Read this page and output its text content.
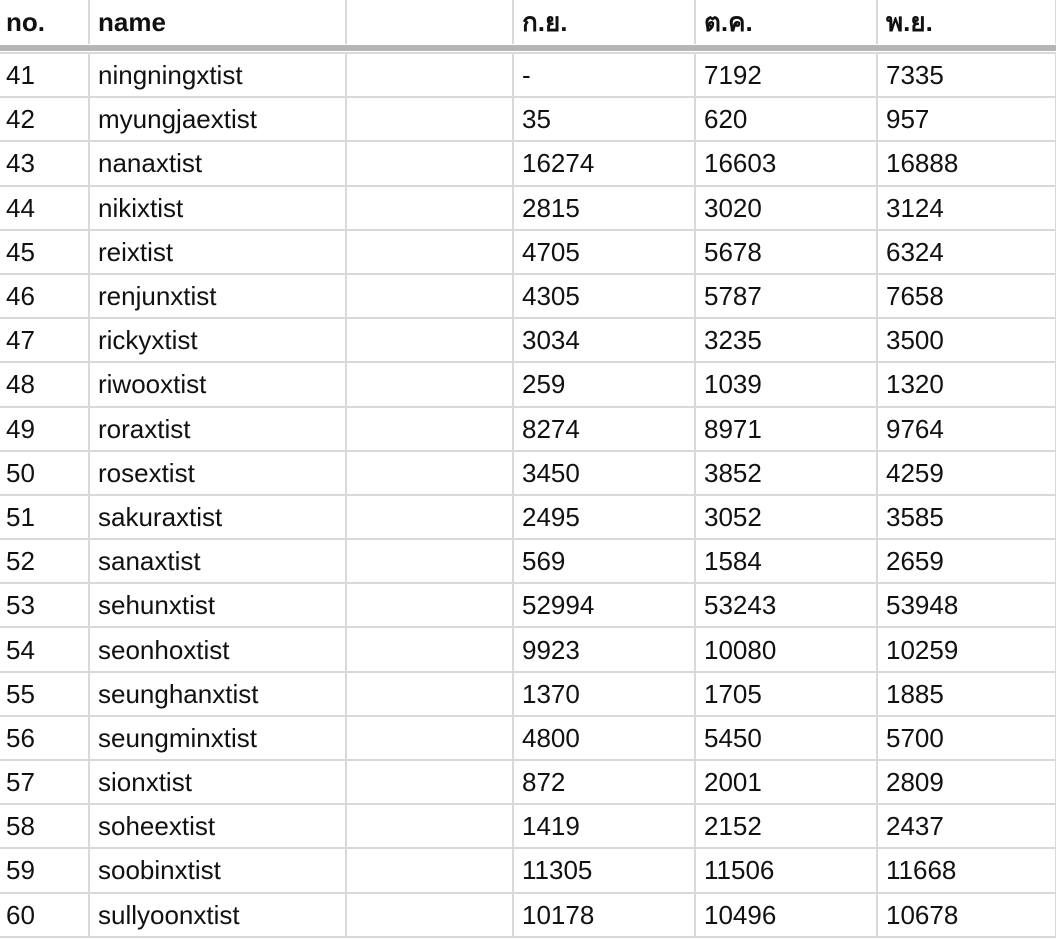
no.	name		ก.ย.	ต.ค.	พ.ย.

41	ningningxtist		-	7192	7335
42	myungjaextist		35	620	957
43	nanaxtist		16274	16603	16888
44	nikixtist		2815	3020	3124
45	reixtist		4705	5678	6324
46	renjunxtist		4305	5787	7658
47	rickyxtist		3034	3235	3500
48	riwooxtist		259	1039	1320
49	roraxtist		8274	8971	9764
50	rosextist		3450	3852	4259
51	sakuraxtist		2495	3052	3585
52	sanaxtist		569	1584	2659
53	sehunxtist		52994	53243	53948
54	seonhoxtist		9923	10080	10259
55	seunghanxtist		1370	1705	1885
56	seungminxtist		4800	5450	5700
57	sionxtist		872	2001	2809
58	soheextist		1419	2152	2437
59	soobinxtist		11305	11506	11668
60	sullyoonxtist		10178	10496	10678
